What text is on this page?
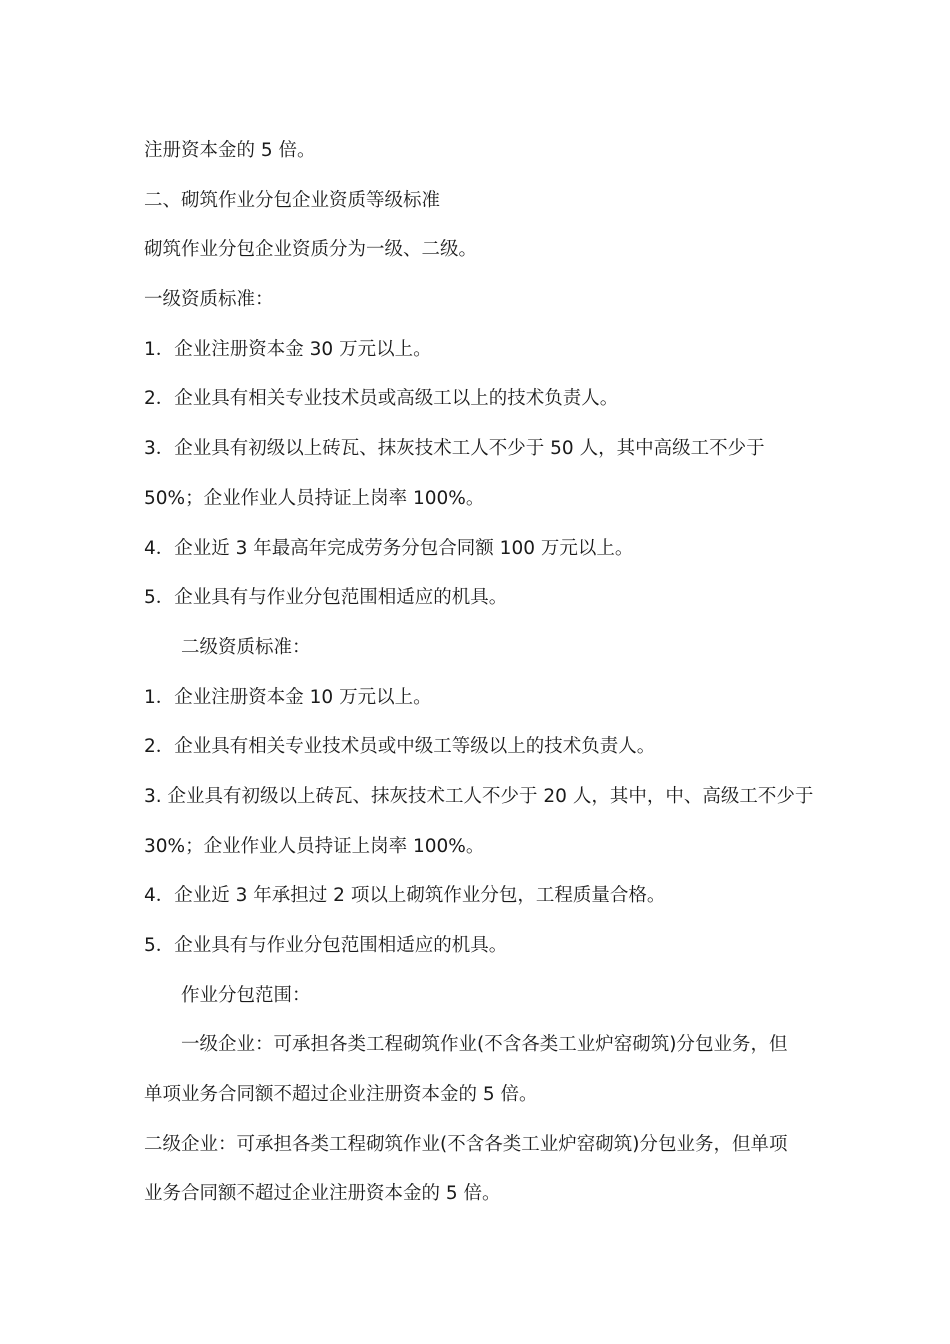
注册资本金的 5 倍。

二、砌筑作业分包企业资质等级标准

砌筑作业分包企业资质分为一级、二级。

一级资质标准：

1．企业注册资本金 30 万元以上。

2．企业具有相关专业技术员或高级工以上的技术负责人。

3．企业具有初级以上砖瓦、抹灰技术工人不少于 50 人，其中高级工不少于

50%；企业作业人员持证上岗率 100%。

4．企业近 3 年最高年完成劳务分包合同额 100 万元以上。

5．企业具有与作业分包范围相适应的机具。

二级资质标准：

1．企业注册资本金 10 万元以上。

2．企业具有相关专业技术员或中级工等级以上的技术负责人。

3. 企业具有初级以上砖瓦、抹灰技术工人不少于 20 人，其中，中、高级工不少于

30%；企业作业人员持证上岗率 100%。

4．企业近 3 年承担过 2 项以上砌筑作业分包，工程质量合格。

5．企业具有与作业分包范围相适应的机具。

作业分包范围：

一级企业：可承担各类工程砌筑作业(不含各类工业炉窑砌筑)分包业务，但

单项业务合同额不超过企业注册资本金的 5 倍。

二级企业：可承担各类工程砌筑作业(不含各类工业炉窑砌筑)分包业务，但单项

业务合同额不超过企业注册资本金的 5 倍。
